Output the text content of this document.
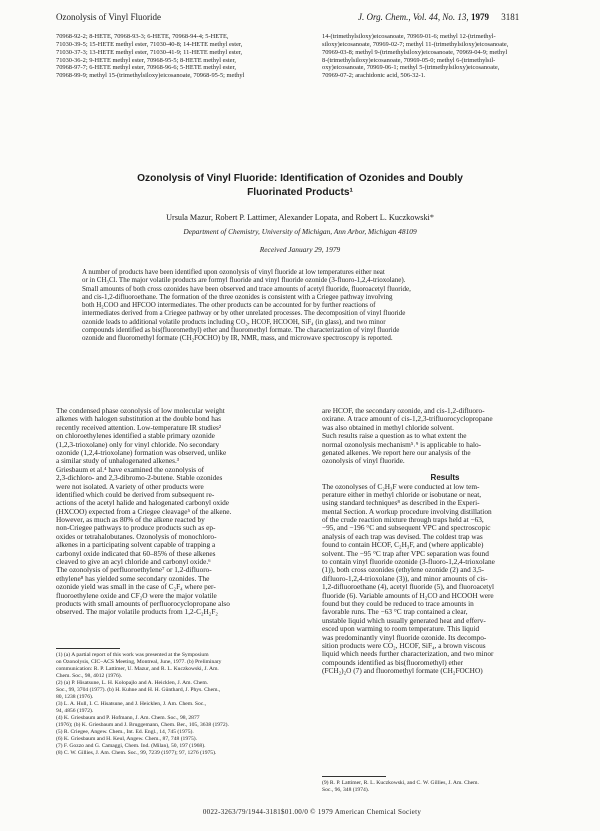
Ozonolysis of Vinyl Fluoride	J. Org. Chem., Vol. 44, No. 13, 1979 3181
70968-92-2; 8-HETE, 70968-93-3; 6-HETE, 70968-94-4; 5-HETE,
71030-39-5; 15-HETE methyl ester, 71030-40-8; 14-HETE methyl ester,
71030-37-3; 13-HETE methyl ester, 71030-41-9; 11-HETE methyl ester,
71030-36-2; 9-HETE methyl ester, 70968-95-5; 8-HETE methyl ester,
70968-97-7; 6-HETE methyl ester, 70968-96-6; 5-HETE methyl ester,
70968-99-9; methyl 15-(trimethylsiloxy)eicosanoate, 70968-95-5; methyl
14-(trimethylsiloxy)eicosanoate, 70969-01-6; methyl 12-(trimethyl-
siloxy)eicosanoate, 70969-02-7; methyl 11-(trimethylsiloxy)eicosanoate,
70969-03-8; methyl 9-(trimethylsiloxy)eicosanoate, 70969-04-9; methyl
8-(trimethylsiloxy)eicosanoate, 70969-05-0; methyl 6-(trimethylsil-
oxy)eicosanoate, 70969-06-1; methyl 5-(trimethylsiloxy)eicosanoate,
70969-07-2; arachidonic acid, 506-32-1.
Ozonolysis of Vinyl Fluoride: Identification of Ozonides and Doubly
Fluorinated Products¹
Ursula Mazur, Robert P. Lattimer, Alexander Lopata, and Robert L. Kuczkowski*
Department of Chemistry, University of Michigan, Ann Arbor, Michigan 48109
Received January 29, 1979
A number of products have been identified upon ozonolysis of vinyl fluoride at low temperatures either neat
or in CH₃Cl. The major volatile products are formyl fluoride and vinyl fluoride ozonide (3-fluoro-1,2,4-trioxolane).
Small amounts of both cross ozonides have been observed and trace amounts of acetyl fluoride, fluoroacetyl fluoride,
and cis-1,2-difluoroethane. The formation of the three ozonides is consistent with a Criegee pathway involving
both H₂COO and HFCOO intermediates. The other products can be accounted for by further reactions of
intermediates derived from a Criegee pathway or by other unrelated processes. The decomposition of vinyl fluoride
ozonide leads to additional volatile products including CO₂, HCOF, HCOOH, SiF₄ (in glass), and two minor
compounds identified as bis(fluoromethyl) ether and fluoromethyl formate. The characterization of vinyl fluoride
ozonide and fluoromethyl formate (CH₂FOCHO) by IR, NMR, mass, and microwave spectroscopy is reported.
The condensed phase ozonolysis of low molecular weight
alkenes with halogen substitution at the double bond has
recently received attention. Low-temperature IR studies²
on chloroethylenes identified a stable primary ozonide
(1,2,3-trioxolane) only for vinyl chloride. No secondary
ozonide (1,2,4-trioxolane) formation was observed, unlike
a similar study of unhalogenated alkenes.³
Griesbaum et al.⁴ have examined the ozonolysis of
2,3-dichloro- and 2,3-dibromo-2-butene. Stable ozonides
were not isolated. A variety of other products were
identified which could be derived from subsequent re-
actions of the acetyl halide and halogenated carbonyl oxide
(HXCOO) expected from a Criegee cleavage⁵ of the alkene.
However, as much as 80% of the alkene reacted by
non-Criegee pathways to produce products such as ep-
oxides or tetrahalobutanes. Ozonolysis of monochloro-
alkenes in a participating solvent capable of trapping a
carbonyl oxide indicated that 60–85% of these alkenes
cleaved to give an acyl chloride and carbonyl oxide.⁶
The ozonolysis of perfluoroethylene⁷ or 1,2-difluoro-
ethylene⁸ has yielded some secondary ozonides. The
ozonide yield was small in the case of C₂F₄ where per-
fluoroethylene oxide and CF₂O were the major volatile
products with small amounts of perfluorocyclopropane also
observed. The major volatile products from 1,2-C₂H₂F₂
are HCOF, the secondary ozonide, and cis-1,2-difluoro-
oxirane. A trace amount of cis-1,2,3-trifluorocyclopropane
was also obtained in methyl chloride solvent.
Such results raise a question as to what extent the
normal ozonolysis mechanism⁵˒⁹ is applicable to halo-
genated alkenes. We report here our analysis of the
ozonolysis of vinyl fluoride.
Results
The ozonolyses of C₂H₃F were conducted at low tem-
perature either in methyl chloride or isobutane or neat,
using standard techniques⁸ as described in the Experi-
mental Section. A workup procedure involving distillation
of the crude reaction mixture through traps held at −63,
−95, and −196 °C and subsequent VPC and spectroscopic
analysis of each trap was devised. The coldest trap was
found to contain HCOF, C₂H₃F, and (where applicable)
solvent. The −95 °C trap after VPC separation was found
to contain vinyl fluoride ozonide (3-fluoro-1,2,4-trioxolane
(1)), both cross ozonides (ethylene ozonide (2) and 3,5-
difluoro-1,2,4-trioxolane (3)), and minor amounts of cis-
1,2-difluoroethane (4), acetyl fluoride (5), and fluoroacetyl
fluoride (6). Variable amounts of H₂CO and HCOOH were
found but they could be reduced to trace amounts in
favorable runs. The −63 °C trap contained a clear,
unstable liquid which usually generated heat and efferv-
esced upon warming to room temperature. This liquid
was predominantly vinyl fluoride ozonide. Its decompo-
sition products were CO₂, HCOF, SiF₄, a brown viscous
liquid which needs further characterization, and two minor
compounds identified as bis(fluoromethyl) ether
(FCH₂)₂O (7) and fluoromethyl formate (CH₂FOCHO)
(1) (a) A partial report of this work was presented at the Symposium
on Ozonolysis, CIC–ACS Meeting, Montreal, June, 1977. (b) Preliminary
communication: R. P. Lattimer, U. Mazur, and R. L. Kuczkowski, J. Am.
Chem. Soc., 98, 4012 (1976).
(2) (a) P. Hisatsune, L. H. Kolopajlo and A. Heicklen, J. Am. Chem.
Soc., 99, 3704 (1977). (b) H. Kuhne and H. H. Günthard, J. Phys. Chem.,
80, 1238 (1976).
(3) L. A. Hull, I. C. Hisatsune, and J. Heicklen, J. Am. Chem. Soc.,
94, 4856 (1972).
(4) K. Griesbaum and P. Hofmann, J. Am. Chem. Soc., 98, 2877
(1976); (b) K. Griesbaum and J. Bruggemann, Chem. Ber., 105, 3638 (1972).
(5) R. Criegee, Angew. Chem., Int. Ed. Engl., 14, 745 (1975).
(6) K. Griesbaum and H. Keul, Angew. Chem., 87, 748 (1975).
(7) F. Gozzo and G. Camaggi, Chem. Ind. (Milan), 50, 197 (1968).
(8) C. W. Gillies, J. Am. Chem. Soc., 99, 7239 (1977); 97, 1276 (1975).
(9) R. P. Lattimer, R. L. Kuczkowski, and C. W. Gillies, J. Am. Chem.
Soc., 96, 348 (1974).
0022-3263/79/1944-3181$01.00/0 © 1979 American Chemical Society
